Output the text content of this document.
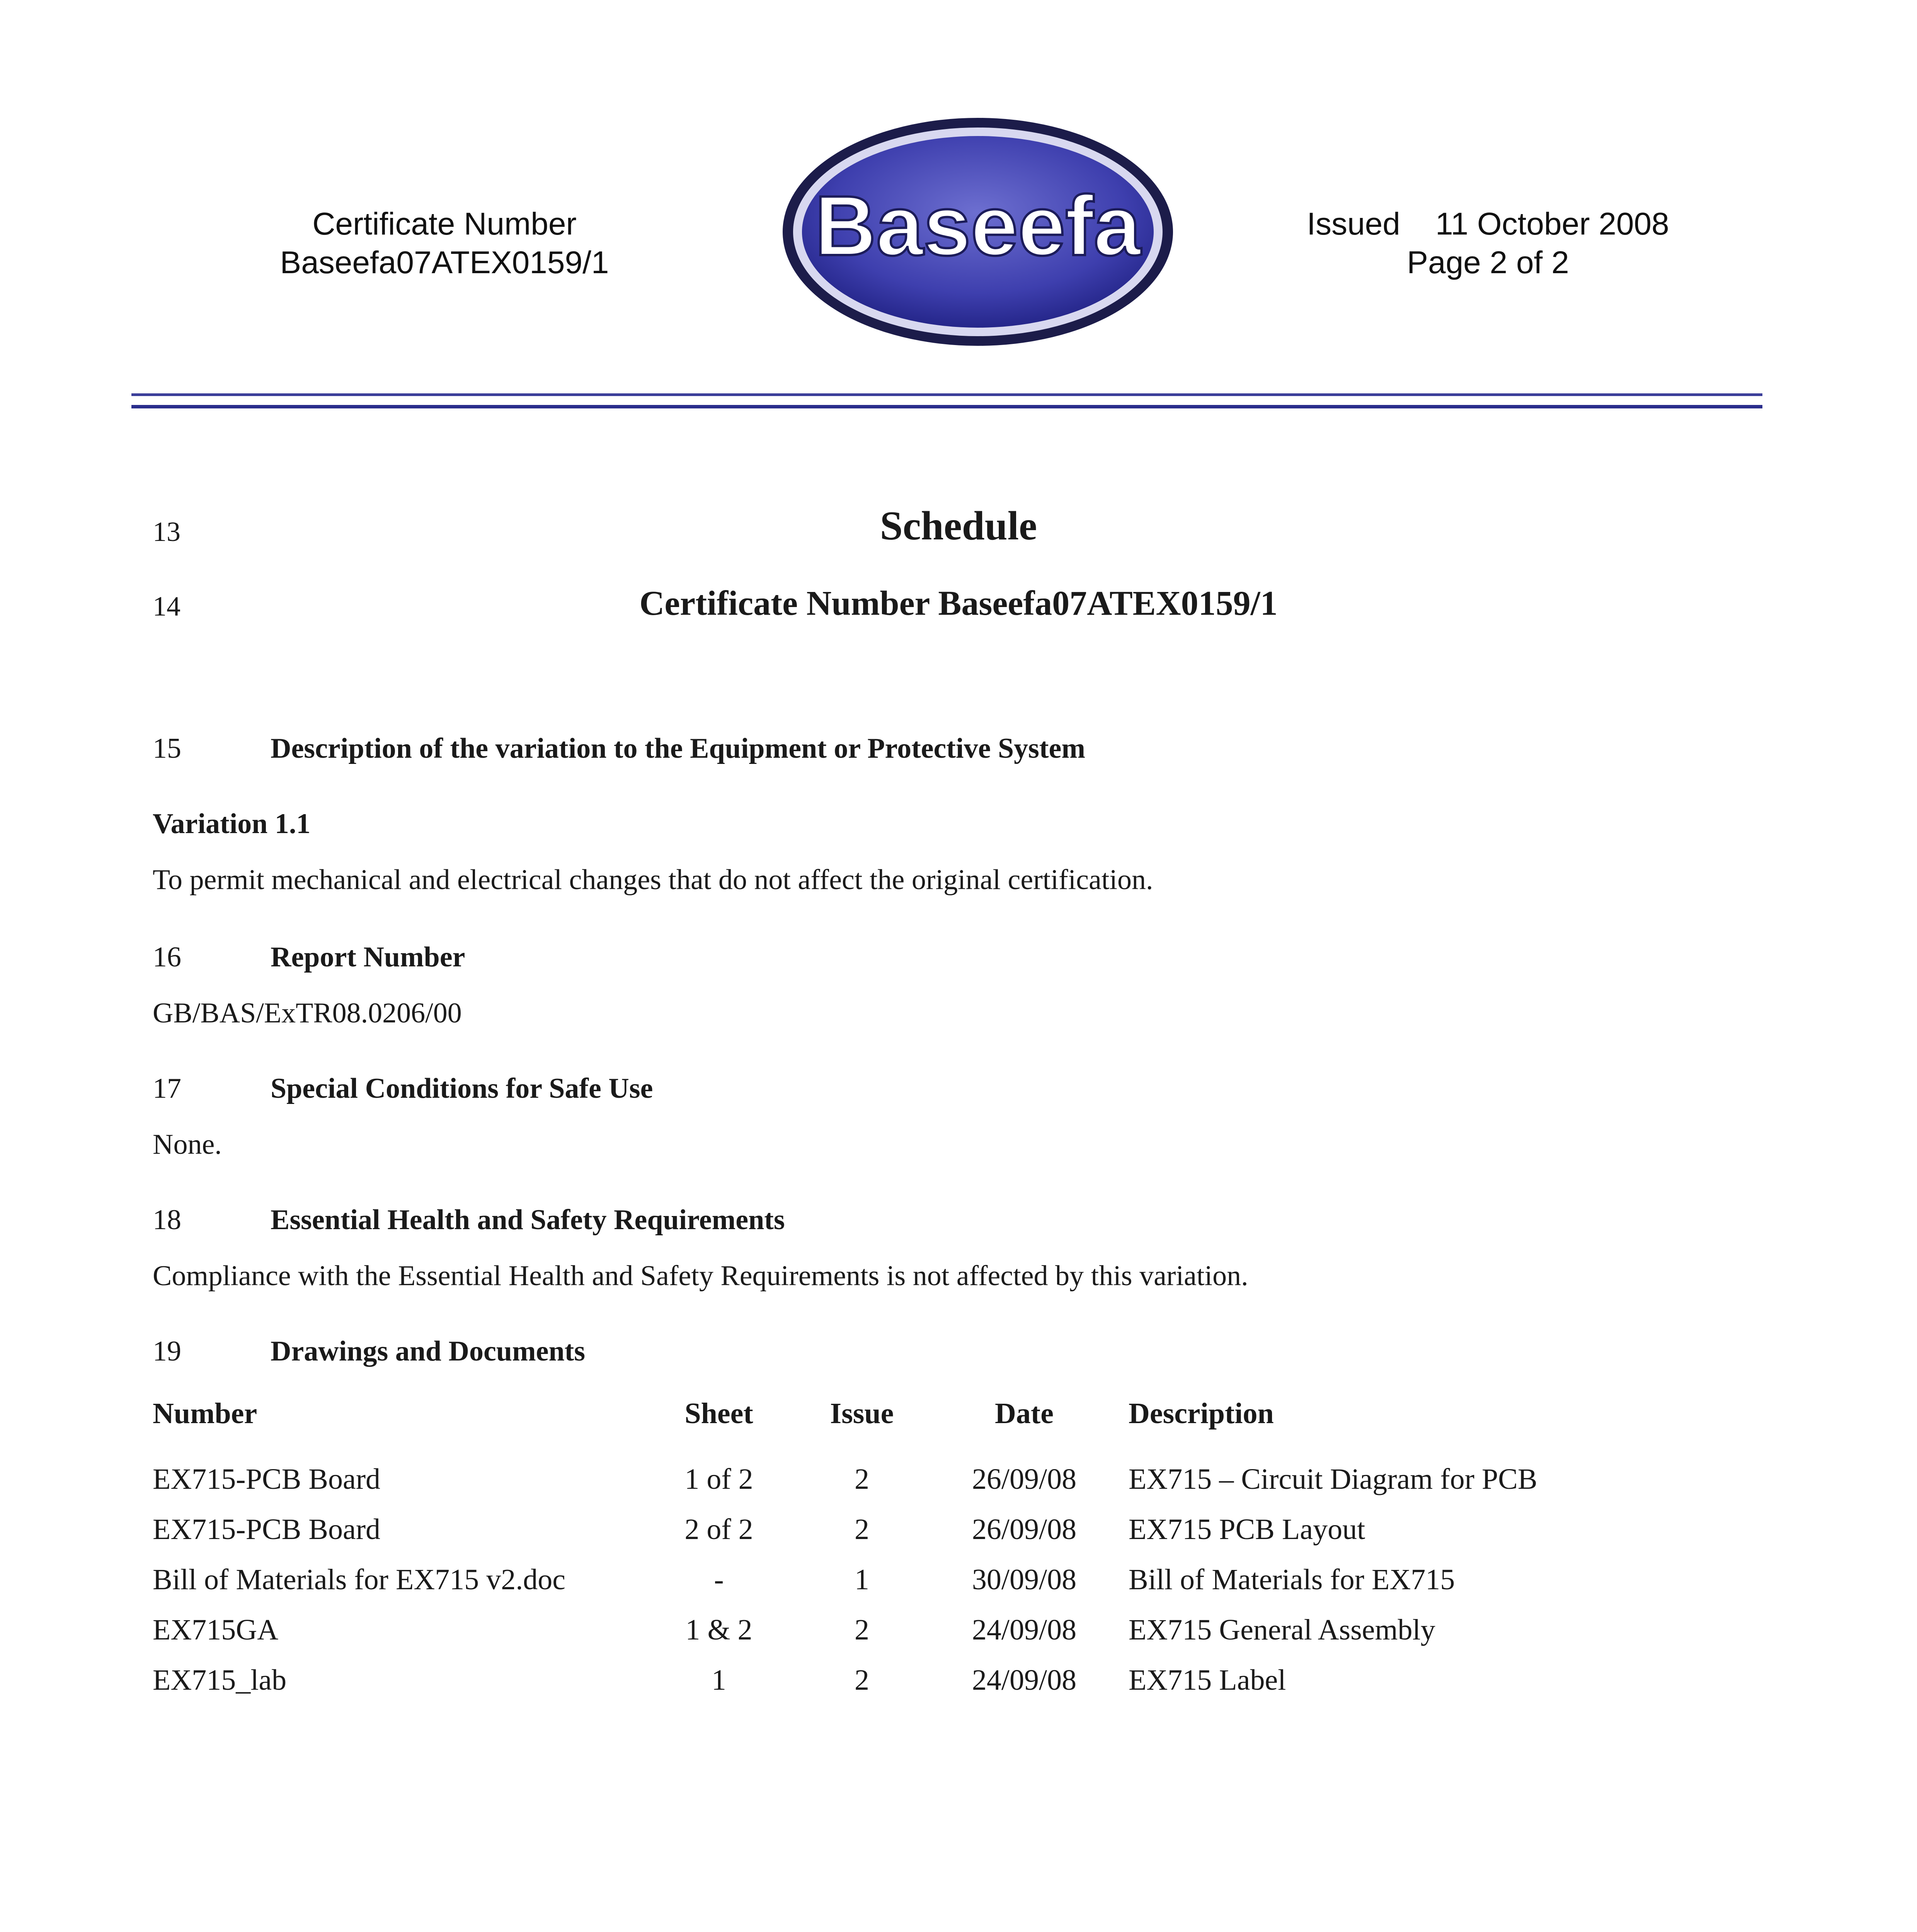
Certificate Number
Baseefa07ATEX0159/1	Baseefa	Issued    11 October 2008
Page 2 of 2
13	Schedule
14	Certificate Number Baseefa07ATEX0159/1
15	Description of the variation to the Equipment or Protective System
Variation 1.1
To permit mechanical and electrical changes that do not affect the original certification.
16	Report Number
GB/BAS/ExTR08.0206/00
17	Special Conditions for Safe Use
None.
18	Essential Health and Safety Requirements
Compliance with the Essential Health and Safety Requirements is not affected by this variation.
19	Drawings and Documents
Number	Sheet	Issue	Date	Description
EX715-PCB Board	1 of 2	2	26/09/08	EX715 – Circuit Diagram for PCB
EX715-PCB Board	2 of 2	2	26/09/08	EX715 PCB Layout
Bill of Materials for EX715 v2.doc	-	1	30/09/08	Bill of Materials for EX715
EX715GA	1 & 2	2	24/09/08	EX715 General Assembly
EX715_lab	1	2	24/09/08	EX715 Label
